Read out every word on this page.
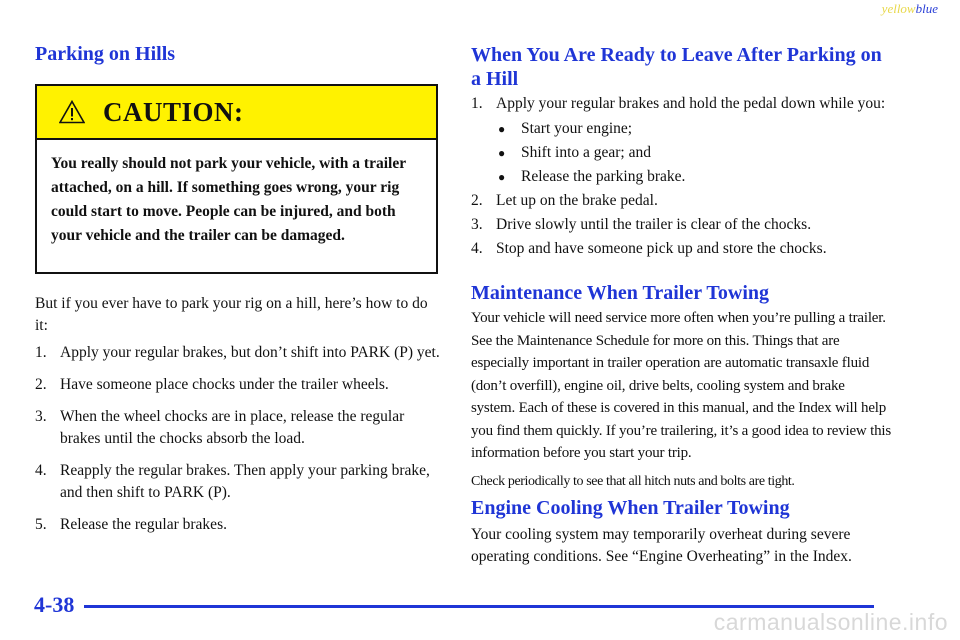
yellowblue
Parking on Hills
CAUTION:
You really should not park your vehicle, with a trailer attached, on a hill. If something goes wrong, your rig could start to move. People can be injured, and both your vehicle and the trailer can be damaged.

But if you ever have to park your rig on a hill, here’s how to do it:

1. Apply your regular brakes, but don’t shift into PARK (P) yet.
2. Have someone place chocks under the trailer wheels.
3. When the wheel chocks are in place, release the regular brakes until the chocks absorb the load.
4. Reapply the regular brakes. Then apply your parking brake, and then shift to PARK (P).
5. Release the regular brakes.
When You Are Ready to Leave After Parking on a Hill
1. Apply your regular brakes and hold the pedal down while you:
● Start your engine;
● Shift into a gear; and
● Release the parking brake.
2. Let up on the brake pedal.
3. Drive slowly until the trailer is clear of the chocks.
4. Stop and have someone pick up and store the chocks.
Maintenance When Trailer Towing

Your vehicle will need service more often when you’re pulling a trailer. See the Maintenance Schedule for more on this. Things that are especially important in trailer operation are automatic transaxle fluid (don’t overfill), engine oil, drive belts, cooling system and brake system. Each of these is covered in this manual, and the Index will help you find them quickly. If you’re trailering, it’s a good idea to review this information before you start your trip.

Check periodically to see that all hitch nuts and bolts are tight.

Engine Cooling When Trailer Towing

Your cooling system may temporarily overheat during severe operating conditions. See “Engine Overheating” in the Index.

4-38
carmanualsonline.info
